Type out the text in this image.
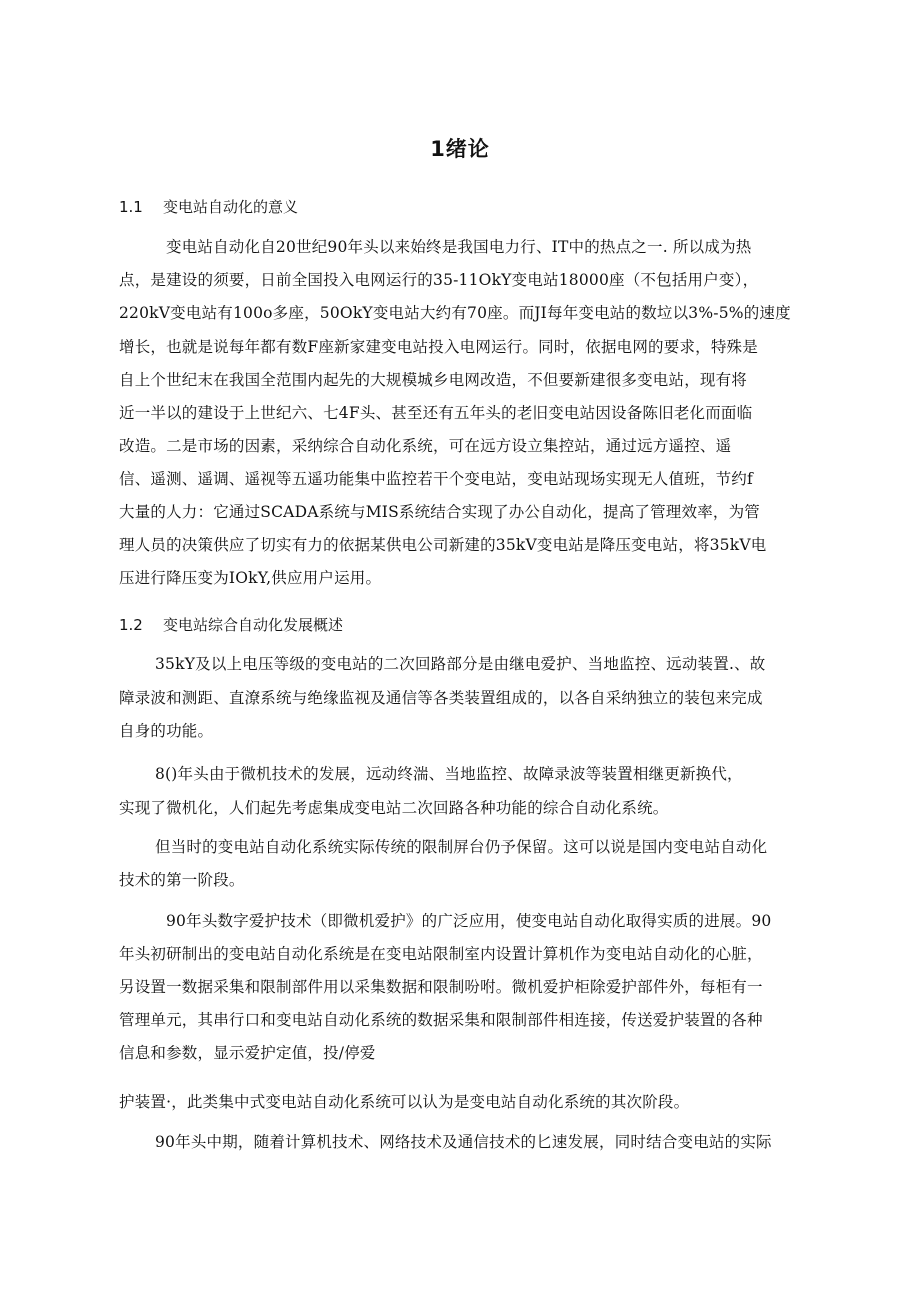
1绪论
1.1 变电站自动化的意义
变电站自动化自20世纪90年头以来始终是我国电力行、IT中的热点之一. 所以成为热
点，是建设的须要，日前全国投入电网运行的35-11OkY变电站18000座（不包括用户变），
220kV变电站有100o多座，50OkY变电站大约有70座。而JI每年变电站的数垃以3%-5%的速度
增长，也就是说每年都有数F座新家建变电站投入电网运行。同时，依据电网的要求，特殊是
自上个世纪末在我国全范围内起先的大规模城乡电网改造，不但要新建很多变电站，现有将
近一半以的建设于上世纪六、七4F头、甚至还有五年头的老旧变电站因设备陈旧老化而面临
改造。二是市场的因素，采纳综合自动化系统，可在远方设立集控站，通过远方遥控、遥
信、遥测、遥调、遥视等五遥功能集中监控若干个变电站，变电站现场实现无人值班，节约f
大量的人力：它通过SCADA系统与MIS系统结合实现了办公自动化，提高了管理效率，为管
理人员的决策供应了切实有力的依据某供电公司新建的35kV变电站是降压变电站，将35kV电
压进行降压变为IOkY,供应用户运用。
1.2 变电站综合自动化发展概述
35kY及以上电压等级的变电站的二次回路部分是由继电爱护、当地监控、远动装置.、故
障录波和测距、直潦系统与绝缘监视及通信等各类装置组成的，以各自采纳独立的装包来完成
自身的功能。
8()年头由于微机技术的发展，远动终湍、当地监控、故障录波等装置相继更新换代，
实现了微机化，人们起先考虑集成变电站二次回路各种功能的综合自动化系统。
但当时的变电站自动化系统实际传统的限制屏台仍予保留。这可以说是国内变电站自动化
技术的第一阶段。
90年头数字爱护技术（即微机爱护》的广泛应用，使变电站自动化取得实质的进展。90
年头初研制出的变电站自动化系统是在变电站限制室内设置计算机作为变电站自动化的心脏，
另设置一数据采集和限制部件用以采集数据和限制吩咐。微机爱护柜除爱护部件外，每柜有一
管理单元，其串行口和变电站自动化系统的数据采集和限制部件相连接，传送爱护装置的各种
信息和参数，显示爱护定值，投/停爱
护装置·，此类集中式变电站自动化系统可以认为是变电站自动化系统的其次阶段。
90年头中期，随着计算机技术、网络技术及通信技术的匕速发展，同时结合变电站的实际
